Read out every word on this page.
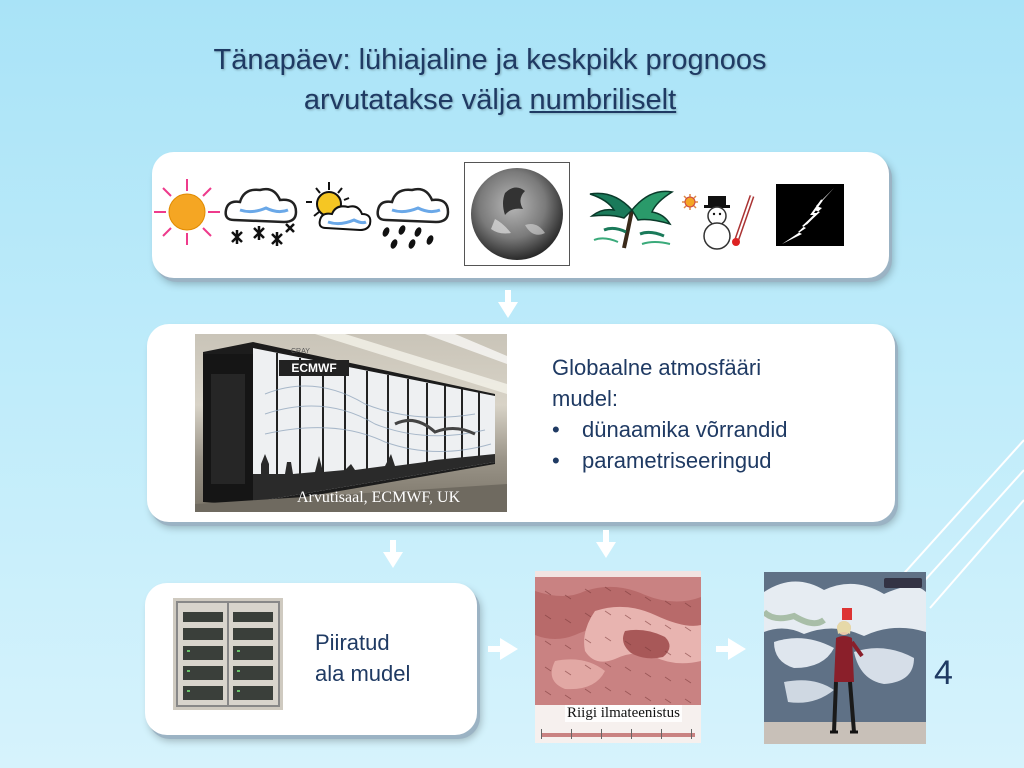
Tänapäev: lühiajaline ja keskpikk prognoos
arvutatakse välja numbriliselt
CRAY
ECMWF
Arvutisaal, ECMWF, UK
Globaalne atmosfääri
mudel:
• dünaamika võrrandid
• parametriseeringud
Piiratud
ala mudel
Riigi ilmateenistus
4
